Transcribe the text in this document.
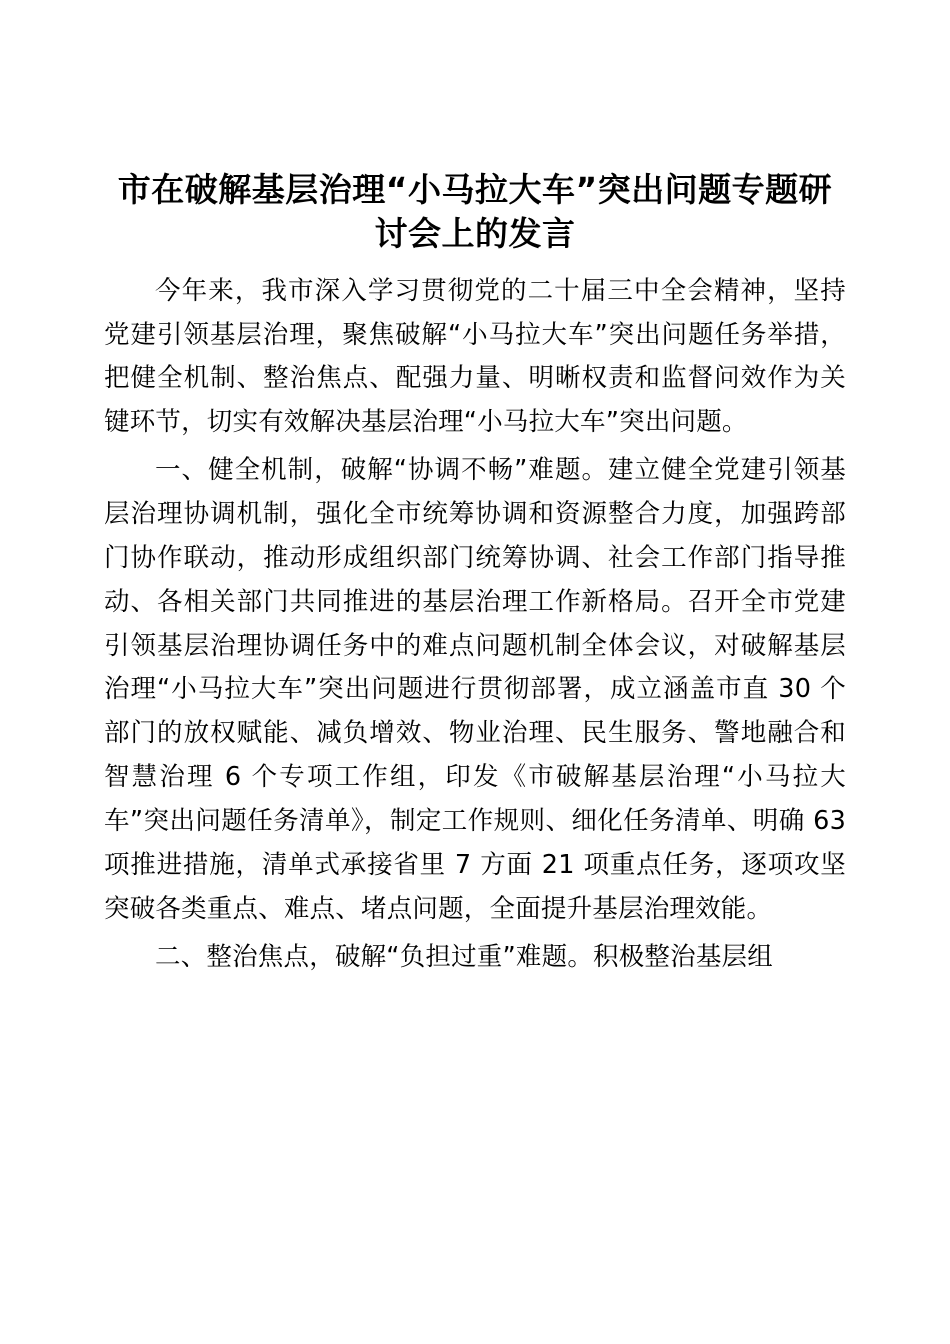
市在破解基层治理“小马拉大车”突出问题专题研讨会上的发言

今年来，我市深入学习贯彻党的二十届三中全会精神，坚持党建引领基层治理，聚焦破解“小马拉大车”突出问题任务举措，把健全机制、整治焦点、配强力量、明晰权责和监督问效作为关键环节，切实有效解决基层治理“小马拉大车”突出问题。

一、健全机制，破解“协调不畅”难题。建立健全党建引领基层治理协调机制，强化全市统筹协调和资源整合力度，加强跨部门协作联动，推动形成组织部门统筹协调、社会工作部门指导推动、各相关部门共同推进的基层治理工作新格局。召开全市党建引领基层治理协调任务中的难点问题机制全体会议，对破解基层治理“小马拉大车”突出问题进行贯彻部署，成立涵盖市直 30 个部门的放权赋能、减负增效、物业治理、民生服务、警地融合和智慧治理 6 个专项工作组，印发《市破解基层治理“小马拉大车”突出问题任务清单》，制定工作规则、细化任务清单、明确 63 项推进措施，清单式承接省里 7 方面 21 项重点任务，逐项攻坚突破各类重点、难点、堵点问题，全面提升基层治理效能。

二、整治焦点，破解“负担过重”难题。积极整治基层组
